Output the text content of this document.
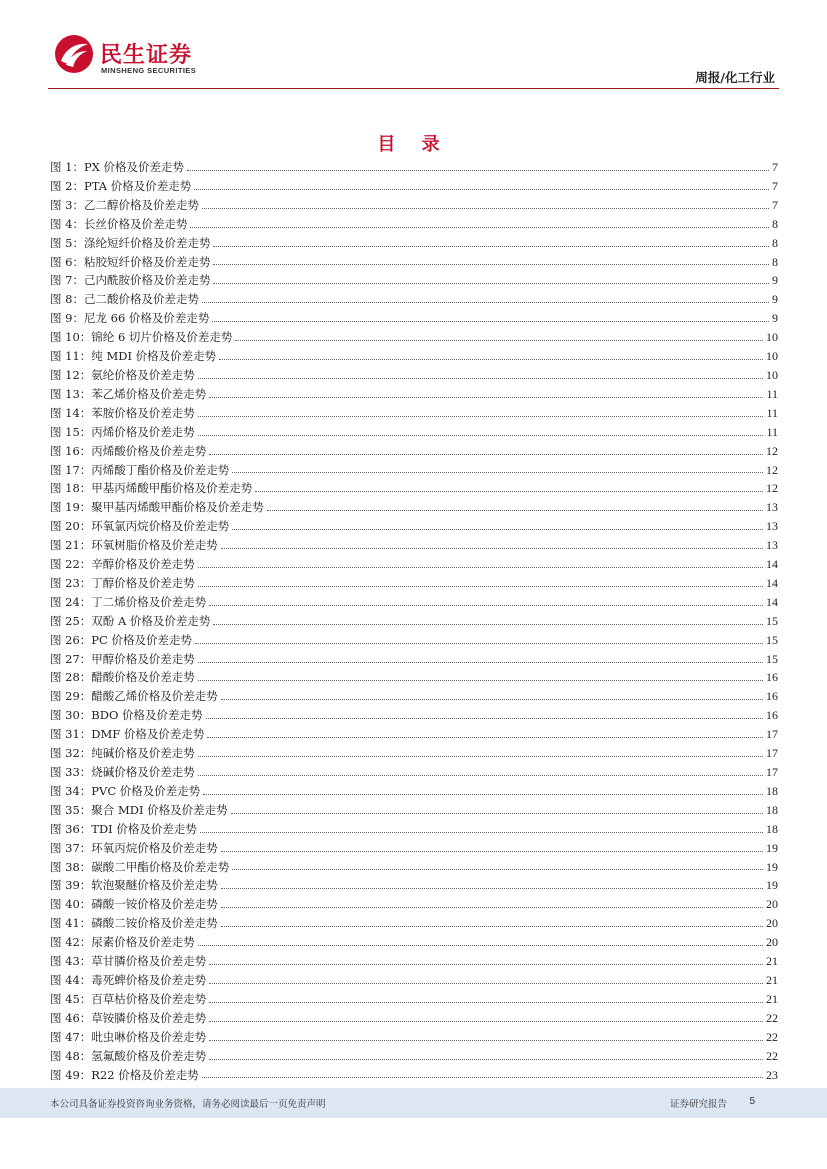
民生证券
MINSHENG SECURITIES	周报/化工行业
目 录
图 1：PX 价格及价差走势	7
图 2：PTA 价格及价差走势	7
图 3：乙二醇价格及价差走势	7
图 4：长丝价格及价差走势	8
图 5：涤纶短纤价格及价差走势	8
图 6：粘胶短纤价格及价差走势	8
图 7：己内酰胺价格及价差走势	9
图 8：己二酸价格及价差走势	9
图 9：尼龙 66 价格及价差走势	9
图 10：锦纶 6 切片价格及价差走势	10
图 11：纯 MDI 价格及价差走势	10
图 12：氨纶价格及价差走势	10
图 13：苯乙烯价格及价差走势	11
图 14：苯胺价格及价差走势	11
图 15：丙烯价格及价差走势	11
图 16：丙烯酸价格及价差走势	12
图 17：丙烯酸丁酯价格及价差走势	12
图 18：甲基丙烯酸甲酯价格及价差走势	12
图 19：聚甲基丙烯酸甲酯价格及价差走势	13
图 20：环氧氯丙烷价格及价差走势	13
图 21：环氧树脂价格及价差走势	13
图 22：辛醇价格及价差走势	14
图 23：丁醇价格及价差走势	14
图 24：丁二烯价格及价差走势	14
图 25：双酚 A 价格及价差走势	15
图 26：PC 价格及价差走势	15
图 27：甲醇价格及价差走势	15
图 28：醋酸价格及价差走势	16
图 29：醋酸乙烯价格及价差走势	16
图 30：BDO 价格及价差走势	16
图 31：DMF 价格及价差走势	17
图 32：纯碱价格及价差走势	17
图 33：烧碱价格及价差走势	17
图 34：PVC 价格及价差走势	18
图 35：聚合 MDI 价格及价差走势	18
图 36：TDI 价格及价差走势	18
图 37：环氧丙烷价格及价差走势	19
图 38：碳酸二甲酯价格及价差走势	19
图 39：软泡聚醚价格及价差走势	19
图 40：磷酸一铵价格及价差走势	20
图 41：磷酸二铵价格及价差走势	20
图 42：尿素价格及价差走势	20
图 43：草甘膦价格及价差走势	21
图 44：毒死蜱价格及价差走势	21
图 45：百草枯价格及价差走势	21
图 46：草铵膦价格及价差走势	22
图 47：吡虫啉价格及价差走势	22
图 48：氢氟酸价格及价差走势	22
图 49：R22 价格及价差走势	23
本公司具备证券投资咨询业务资格，请务必阅读最后一页免责声明	证券研究报告 5
